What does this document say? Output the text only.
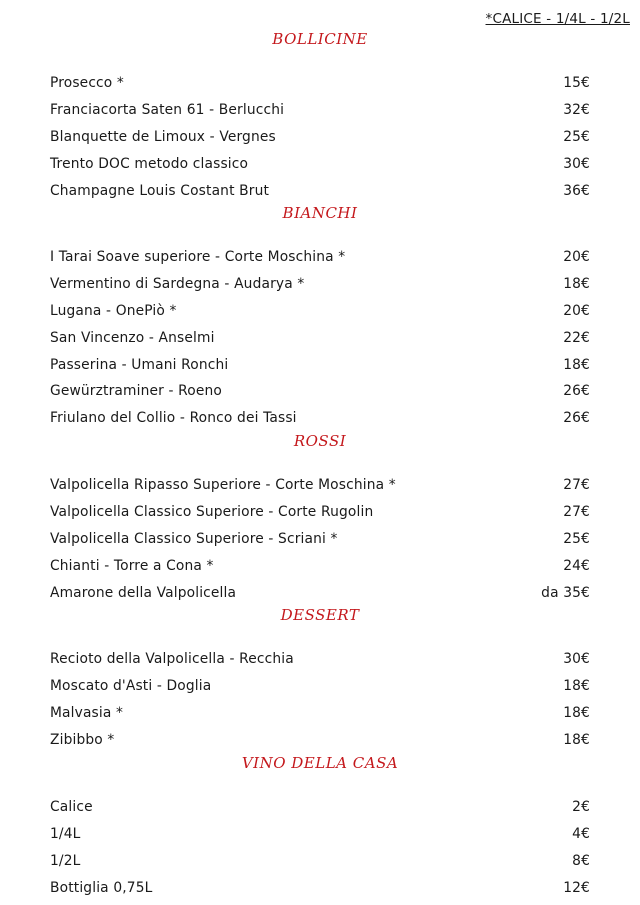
*CALICE - 1/4L - 1/2L
BOLLICINE
Prosecco *	15€
Franciacorta Saten 61 - Berlucchi	32€
Blanquette de Limoux - Vergnes	25€
Trento DOC metodo classico	30€
Champagne Louis Costant Brut	36€
BIANCHI
I Tarai Soave superiore - Corte Moschina *	20€
Vermentino di Sardegna - Audarya *	18€
Lugana - OnePiò *	20€
San Vincenzo - Anselmi	22€
Passerina - Umani Ronchi	18€
Gewürztraminer - Roeno	26€
Friulano del Collio - Ronco dei Tassi	26€
ROSSI
Valpolicella Ripasso Superiore - Corte Moschina *	27€
Valpolicella Classico Superiore - Corte Rugolin	27€
Valpolicella Classico Superiore - Scriani *	25€
Chianti - Torre a Cona *	24€
Amarone della Valpolicella	da 35€
DESSERT
Recioto della Valpolicella - Recchia	30€
Moscato d'Asti - Doglia	18€
Malvasia *	18€
Zibibbo *	18€
VINO DELLA CASA
Calice	2€
1/4L	4€
1/2L	8€
Bottiglia 0,75L	12€
